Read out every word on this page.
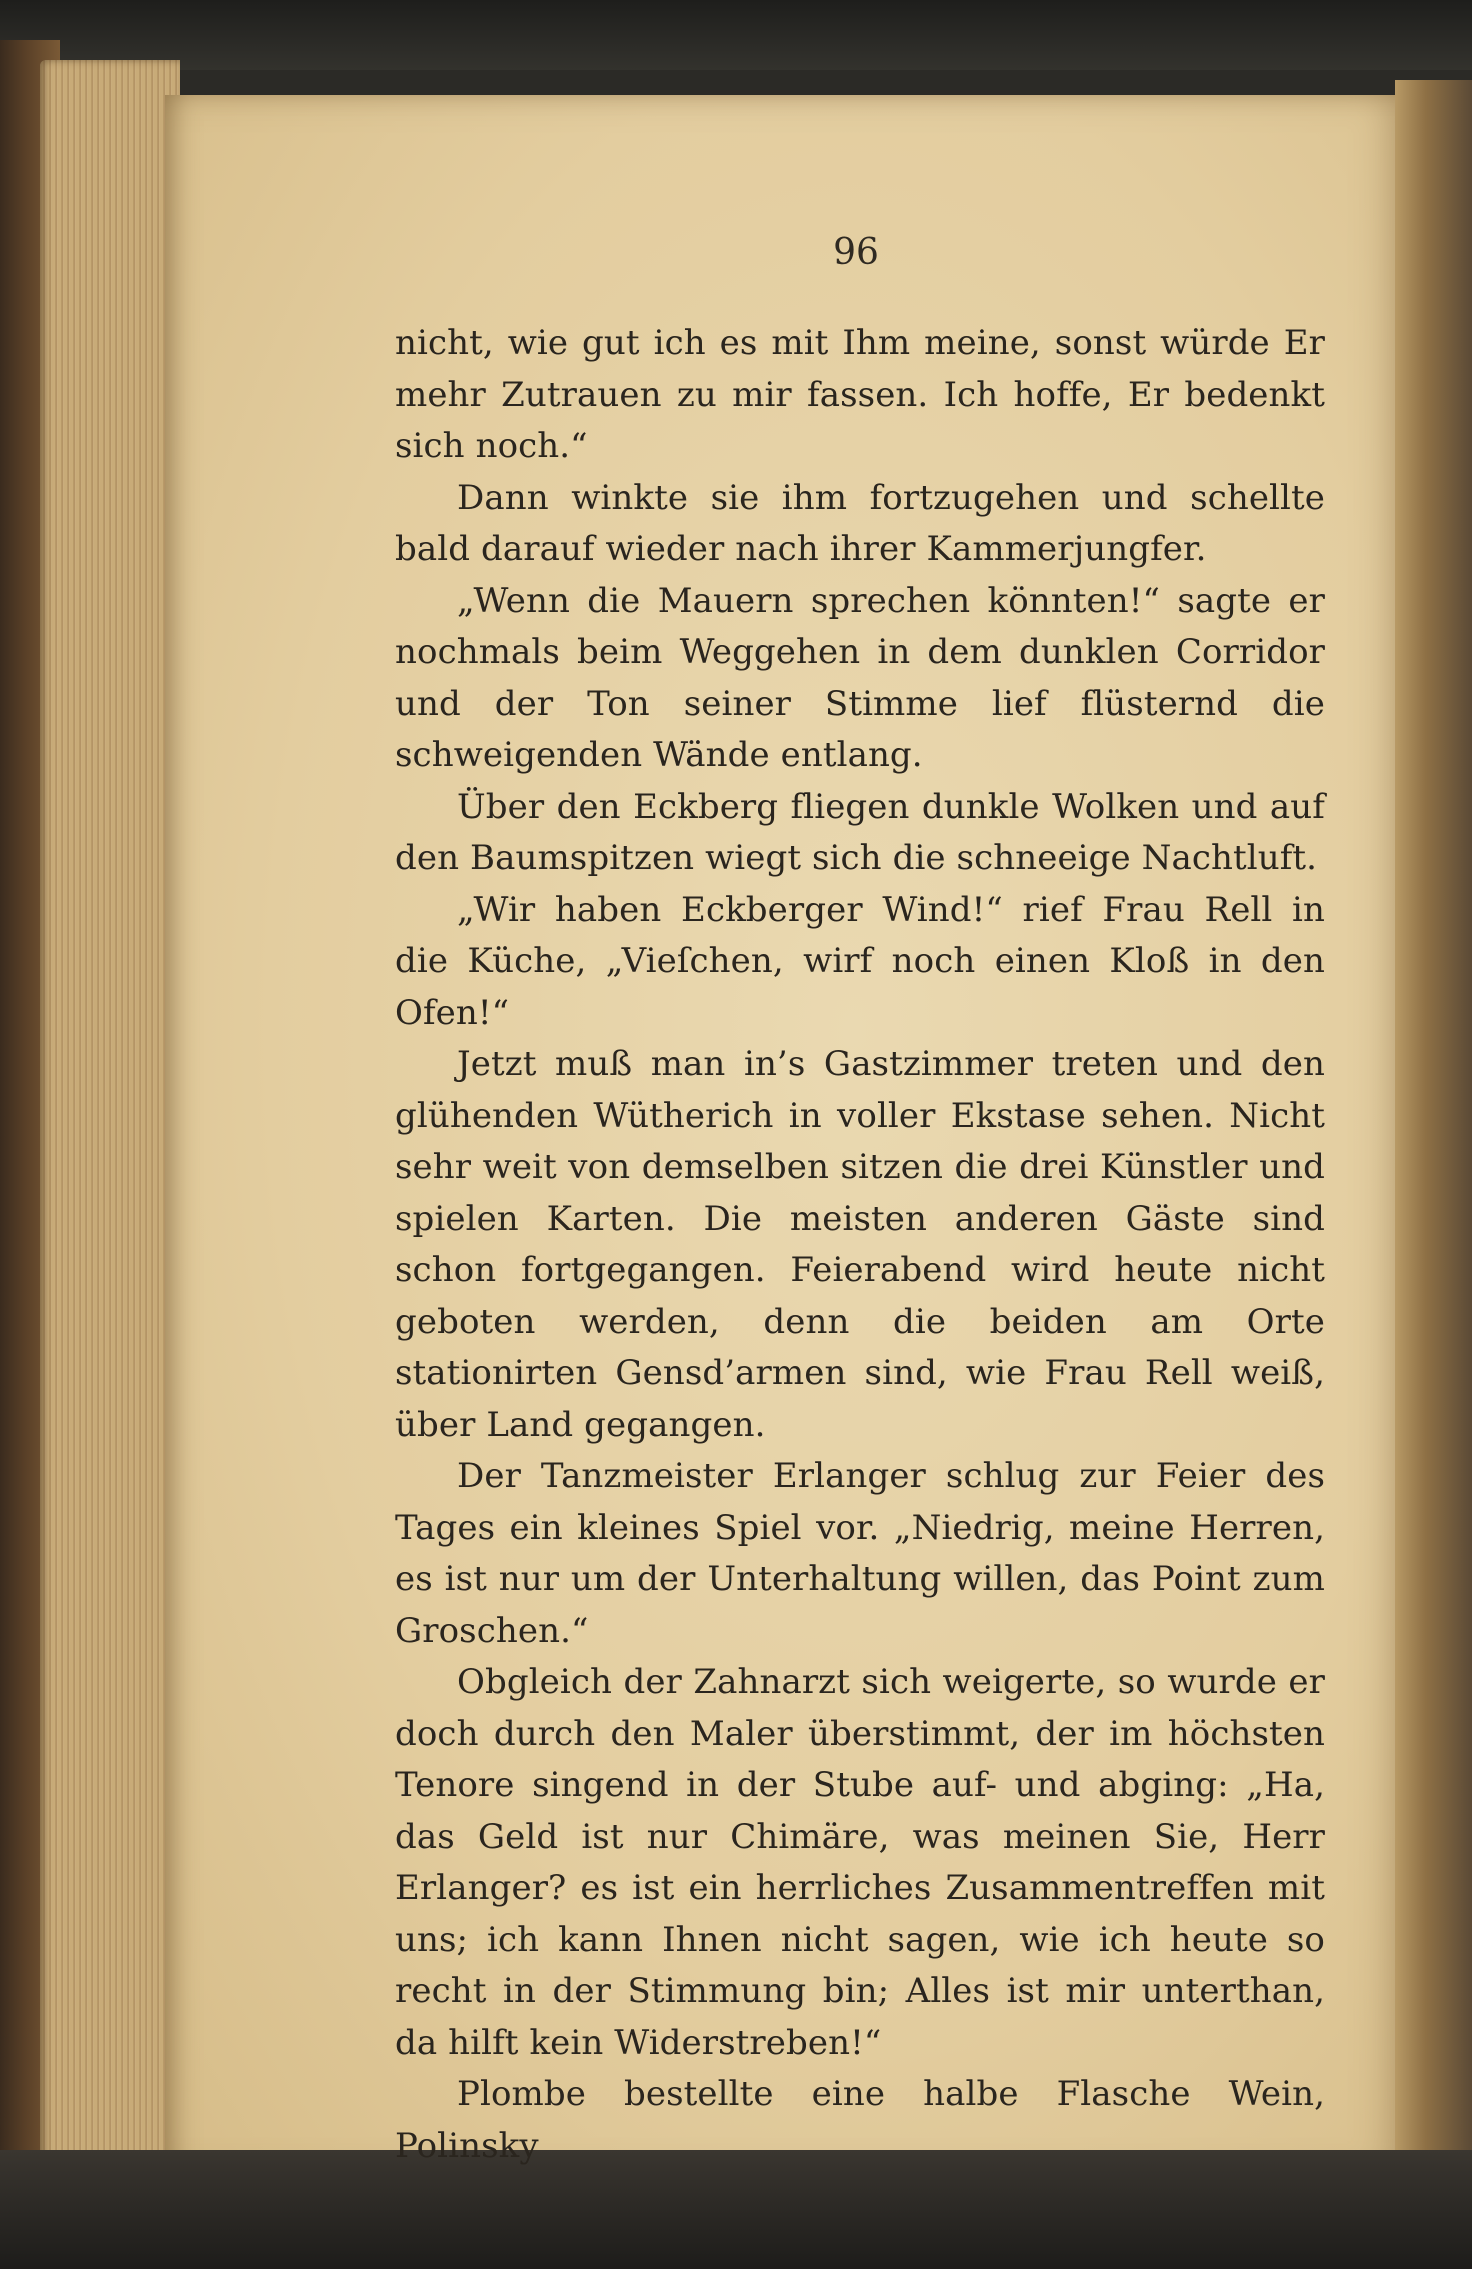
96

nicht, wie gut ich es mit Ihm meine, sonst würde Er mehr Zutrauen zu mir fassen. Ich hoffe, Er bedenkt sich noch.“

Dann winkte sie ihm fortzugehen und schellte bald darauf wieder nach ihrer Kammerjungfer.

„Wenn die Mauern sprechen könnten!“ sagte er nochmals beim Weggehen in dem dunklen Corridor und der Ton seiner Stimme lief flüsternd die schweigenden Wände entlang.

Über den Eckberg fliegen dunkle Wolken und auf den Baumspitzen wiegt sich die schneeige Nachtluft.

„Wir haben Eckberger Wind!“ rief Frau Rell in die Küche, „Vieſchen, wirf noch einen Kloß in den Ofen!“

Jetzt muß man in’s Gastzimmer treten und den glühenden Wütherich in voller Ekstase sehen. Nicht sehr weit von demselben sitzen die drei Künstler und spielen Karten. Die meisten anderen Gäste sind schon fortgegangen. Feierabend wird heute nicht geboten werden, denn die beiden am Orte stationirten Gensd’armen sind, wie Frau Rell weiß, über Land gegangen.

Der Tanzmeister Erlanger schlug zur Feier des Tages ein kleines Spiel vor. „Niedrig, meine Herren, es ist nur um der Unterhaltung willen, das Point zum Groschen.“

Obgleich der Zahnarzt sich weigerte, so wurde er doch durch den Maler überstimmt, der im höchsten Tenore singend in der Stube auf- und abging: „Ha, das Geld ist nur Chimäre, was meinen Sie, Herr Erlanger? es ist ein herrliches Zusammentreffen mit uns; ich kann Ihnen nicht sagen, wie ich heute so recht in der Stimmung bin; Alles ist mir unterthan, da hilft kein Widerstreben!“

Plombe bestellte eine halbe Flasche Wein, Polinsky
